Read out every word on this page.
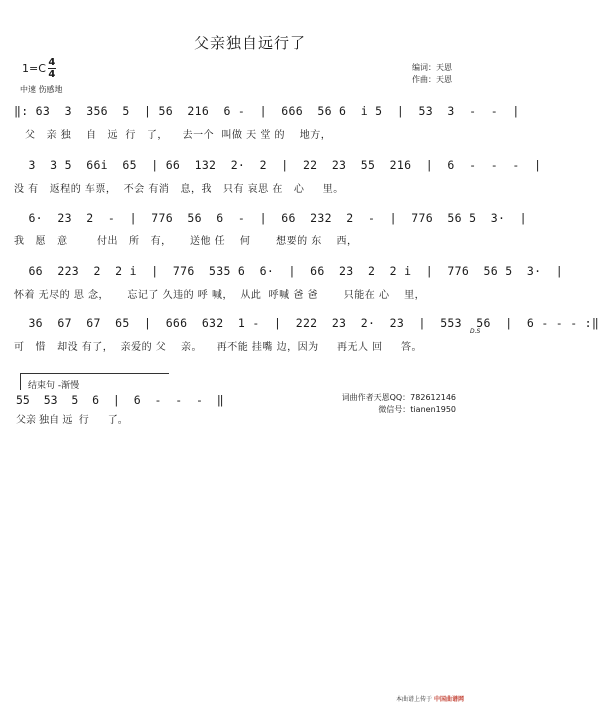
父亲独自远行了
$1=C \frac{4}{4}$
中速 伤感地
编词：天恩
作曲：天恩
‖: 63  3  356  5  | 56  216  6 -  |  666  56 6  i 5  |  53  3  -  -  |
父   亲 独    自   远  行   了，    去一个  叫做 天 堂 的    地方，
3  3 5  66i  65  | 66  132  2·  2  |  22  23  55  216  |  6  -  -  -  |
没 有   返程的 车票，  不会 有消   息，我   只有 哀思 在   心     里。
6·  23  2  -  |  776  56  6  -  |  66  232  2  -  |  776  56 5  3·  |
我   愿   意        付出   所   有，     送他 任    何       想要的 东    西，
66  223  2  2 i  |  776  535 6  6·  |  66  23  2  2 i  |  776  56 5  3·  |
怀着 无尽的 思 念，     忘记了 久违的 呼 喊，  从此  呼喊 爸 爸       只能在 心    里，
36  67  67  65  |  666  632  1 -  |  222  23  2·  23  |  553  56  |  6 - - - :‖
可   惜   却没 有了，  亲爱的 父    亲。    再不能 挂嘴 边，因为     再无人 回     答。
D.S
结束句 -渐慢
55  53  5  6  |  6  -  -  -  ‖
父亲 独自 远  行      了。
词曲作者天恩QQ：782612146
微信号：tianen1950
本曲谱上传于 中国曲谱网
